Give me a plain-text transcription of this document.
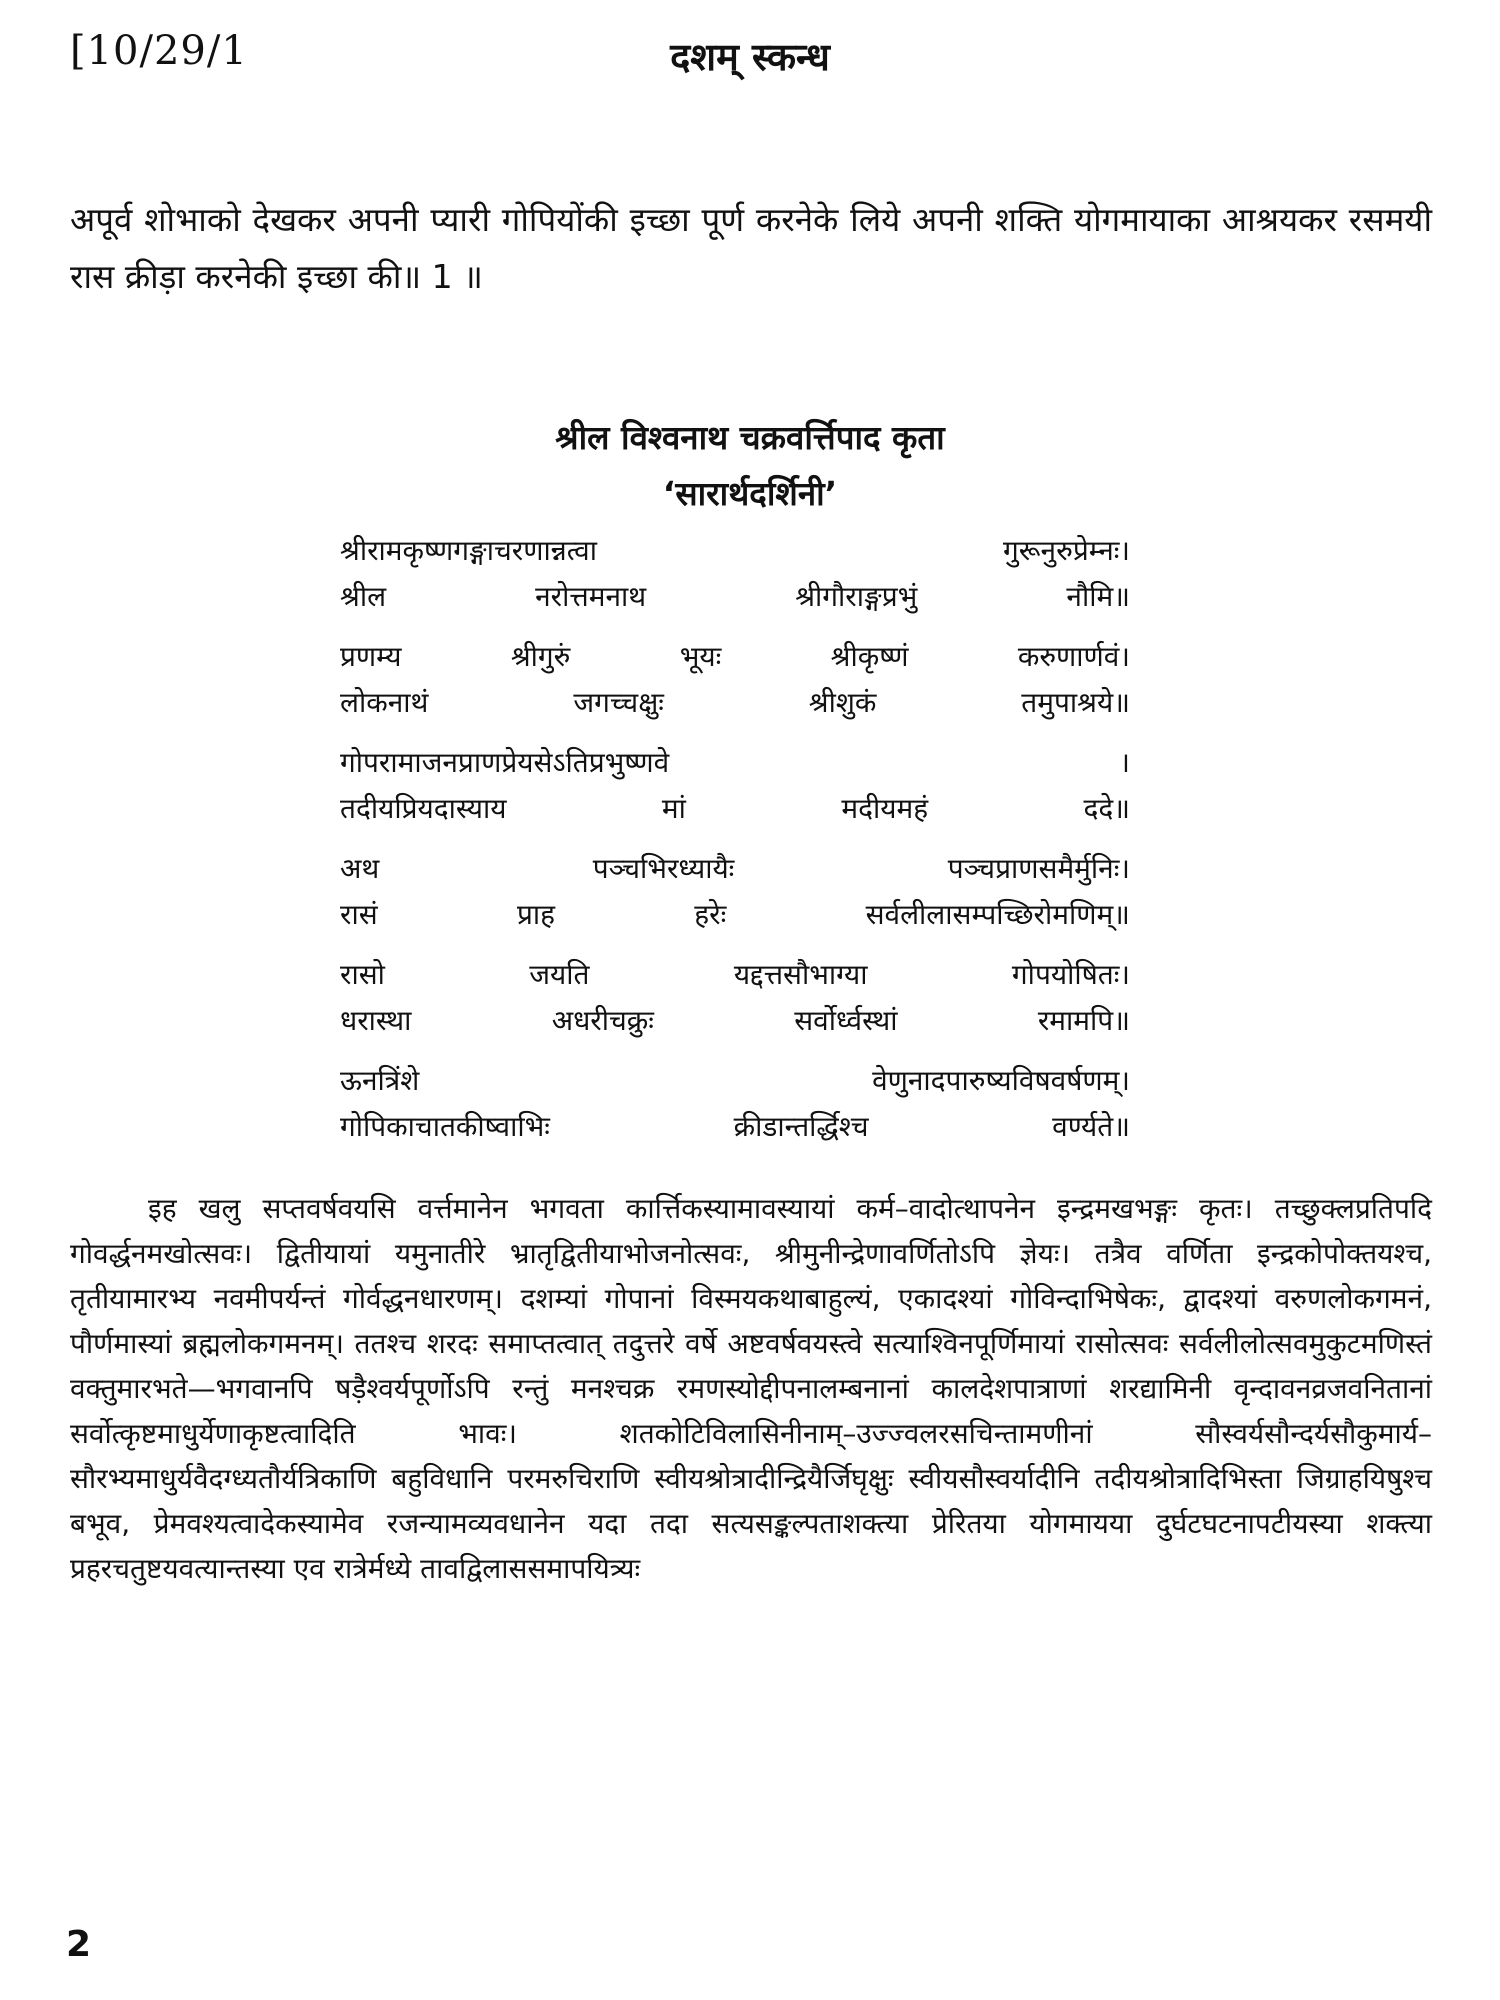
[10/29/1	दशम् स्कन्ध

अपूर्व शोभाको देखकर अपनी प्यारी गोपियोंकी इच्छा पूर्ण करनेके लिये अपनी शक्ति योगमायाका आश्रयकर रसमयी रास क्रीड़ा करनेकी इच्छा की॥ 1 ॥

श्रील विश्वनाथ चक्रवर्त्तिपाद कृता
‘सारार्थदर्शिनी’
श्रीरामकृष्णगङ्गाचरणान्नत्वा	गुरूनुरुप्रेम्नः।
श्रील	नरोत्तमनाथ	श्रीगौराङ्गप्रभुं	नौमि॥
प्रणम्य	श्रीगुरुं	भूयः	श्रीकृष्णं	करुणार्णवं।
लोकनाथं	जगच्चक्षुः	श्रीशुकं	तमुपाश्रये॥
गोपरामाजनप्राणप्रेयसेऽतिप्रभुष्णवे	।
तदीयप्रियदास्याय	मां	मदीयमहं	ददे॥
अथ	पञ्चभिरध्यायैः	पञ्चप्राणसमैर्मुनिः।
रासं	प्राह	हरेः	सर्वलीलासम्पच्छिरोमणिम्॥
रासो	जयति	यद्दत्तसौभाग्या	गोपयोषितः।
धरास्था	अधरीचक्रुः	सर्वोर्ध्वस्थां	रमामपि॥
ऊनत्रिंशे	वेणुनादपारुष्यविषवर्षणम्।
गोपिकाचातकीष्वाभिः	क्रीडान्तर्द्धिश्च	वर्ण्यते॥

इह खलु सप्तवर्षवयसि वर्त्तमानेन भगवता कार्त्तिकस्यामावस्यायां कर्म–वादोत्थापनेन इन्द्रमखभङ्गः कृतः। तच्छुक्लप्रतिपदि गोवर्द्धनमखोत्सवः। द्वितीयायां यमुनातीरे भ्रातृद्वितीयाभोजनोत्सवः, श्रीमुनीन्द्रेणावर्णितोऽपि ज्ञेयः। तत्रैव वर्णिता इन्द्रकोपोक्तयश्च, तृतीयामारभ्य नवमीपर्यन्तं गोर्वद्धनधारणम्। दशम्यां गोपानां विस्मयकथाबाहुल्यं, एकादश्यां गोविन्दाभिषेकः, द्वादश्यां वरुणलोकगमनं, पौर्णमास्यां ब्रह्मलोकगमनम्। ततश्च शरदः समाप्तत्वात् तदुत्तरे वर्षे अष्टवर्षवयस्त्वे सत्याश्विनपूर्णिमायां रासोत्सवः सर्वलीलोत्सवमुकुटमणिस्तं वक्तुमारभते—भगवानपि षड़ैश्वर्यपूर्णोऽपि रन्तुं मनश्चक्र रमणस्योद्दीपनालम्बनानां कालदेशपात्राणां शरद्यामिनी वृन्दावनव्रजवनितानां सर्वोत्कृष्टमाधुर्येणाकृष्टत्वादिति भावः। शतकोटिविलासिनीनाम्–उज्ज्वलरसचिन्तामणीनां सौस्वर्यसौन्दर्यसौकुमार्य–सौरभ्यमाधुर्यवैदग्ध्यतौर्यत्रिकाणि बहुविधानि परमरुचिराणि स्वीयश्रोत्रादीन्द्रियैर्जिघृक्षुः स्वीयसौस्वर्यादीनि तदीयश्रोत्रादिभिस्ता जिग्राहयिषुश्च बभूव, प्रेमवश्यत्वादेकस्यामेव रजन्यामव्यवधानेन यदा तदा सत्यसङ्कल्पताशक्त्या प्रेरितया योगमायया दुर्घटघटनापटीयस्या शक्त्या प्रहरचतुष्टयवत्यान्तस्या एव रात्रेर्मध्ये तावद्विलाससमापयित्र्यः

2
